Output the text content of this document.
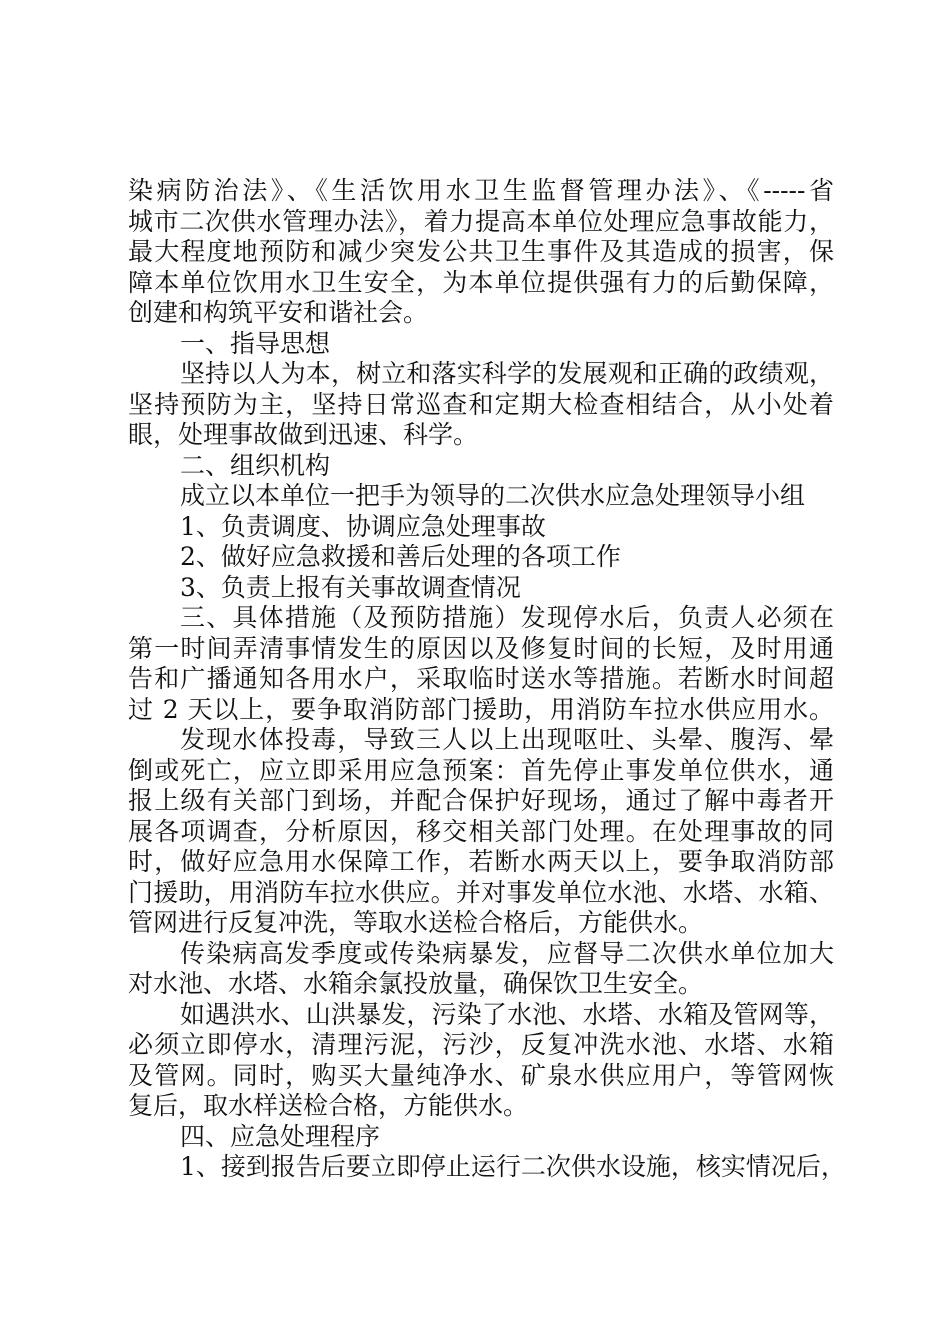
染病防治法》、《生活饮用水卫生监督管理办法》、《-----省
城市二次供水管理办法》，着力提高本单位处理应急事故能力，
最大程度地预防和减少突发公共卫生事件及其造成的损害，保
障本单位饮用水卫生安全，为本单位提供强有力的后勤保障，
创建和构筑平安和谐社会。
一、指导思想
坚持以人为本，树立和落实科学的发展观和正确的政绩观，
坚持预防为主，坚持日常巡查和定期大检查相结合，从小处着
眼，处理事故做到迅速、科学。
二、组织机构
成立以本单位一把手为领导的二次供水应急处理领导小组
1、负责调度、协调应急处理事故
2、做好应急救援和善后处理的各项工作
3、负责上报有关事故调查情况
三、具体措施（及预防措施）发现停水后，负责人必须在
第一时间弄清事情发生的原因以及修复时间的长短，及时用通
告和广播通知各用水户，采取临时送水等措施。若断水时间超
过 2 天以上，要争取消防部门援助，用消防车拉水供应用水。
发现水体投毒，导致三人以上出现呕吐、头晕、腹泻、晕
倒或死亡，应立即采用应急预案：首先停止事发单位供水，通
报上级有关部门到场，并配合保护好现场，通过了解中毒者开
展各项调查，分析原因，移交相关部门处理。在处理事故的同
时，做好应急用水保障工作，若断水两天以上，要争取消防部
门援助，用消防车拉水供应。并对事发单位水池、水塔、水箱、
管网进行反复冲洗，等取水送检合格后，方能供水。
传染病高发季度或传染病暴发，应督导二次供水单位加大
对水池、水塔、水箱余氯投放量，确保饮卫生安全。
如遇洪水、山洪暴发，污染了水池、水塔、水箱及管网等，
必须立即停水，清理污泥，污沙，反复冲洗水池、水塔、水箱
及管网。同时，购买大量纯净水、矿泉水供应用户，等管网恢
复后，取水样送检合格，方能供水。
四、应急处理程序
1、接到报告后要立即停止运行二次供水设施，核实情况后，
